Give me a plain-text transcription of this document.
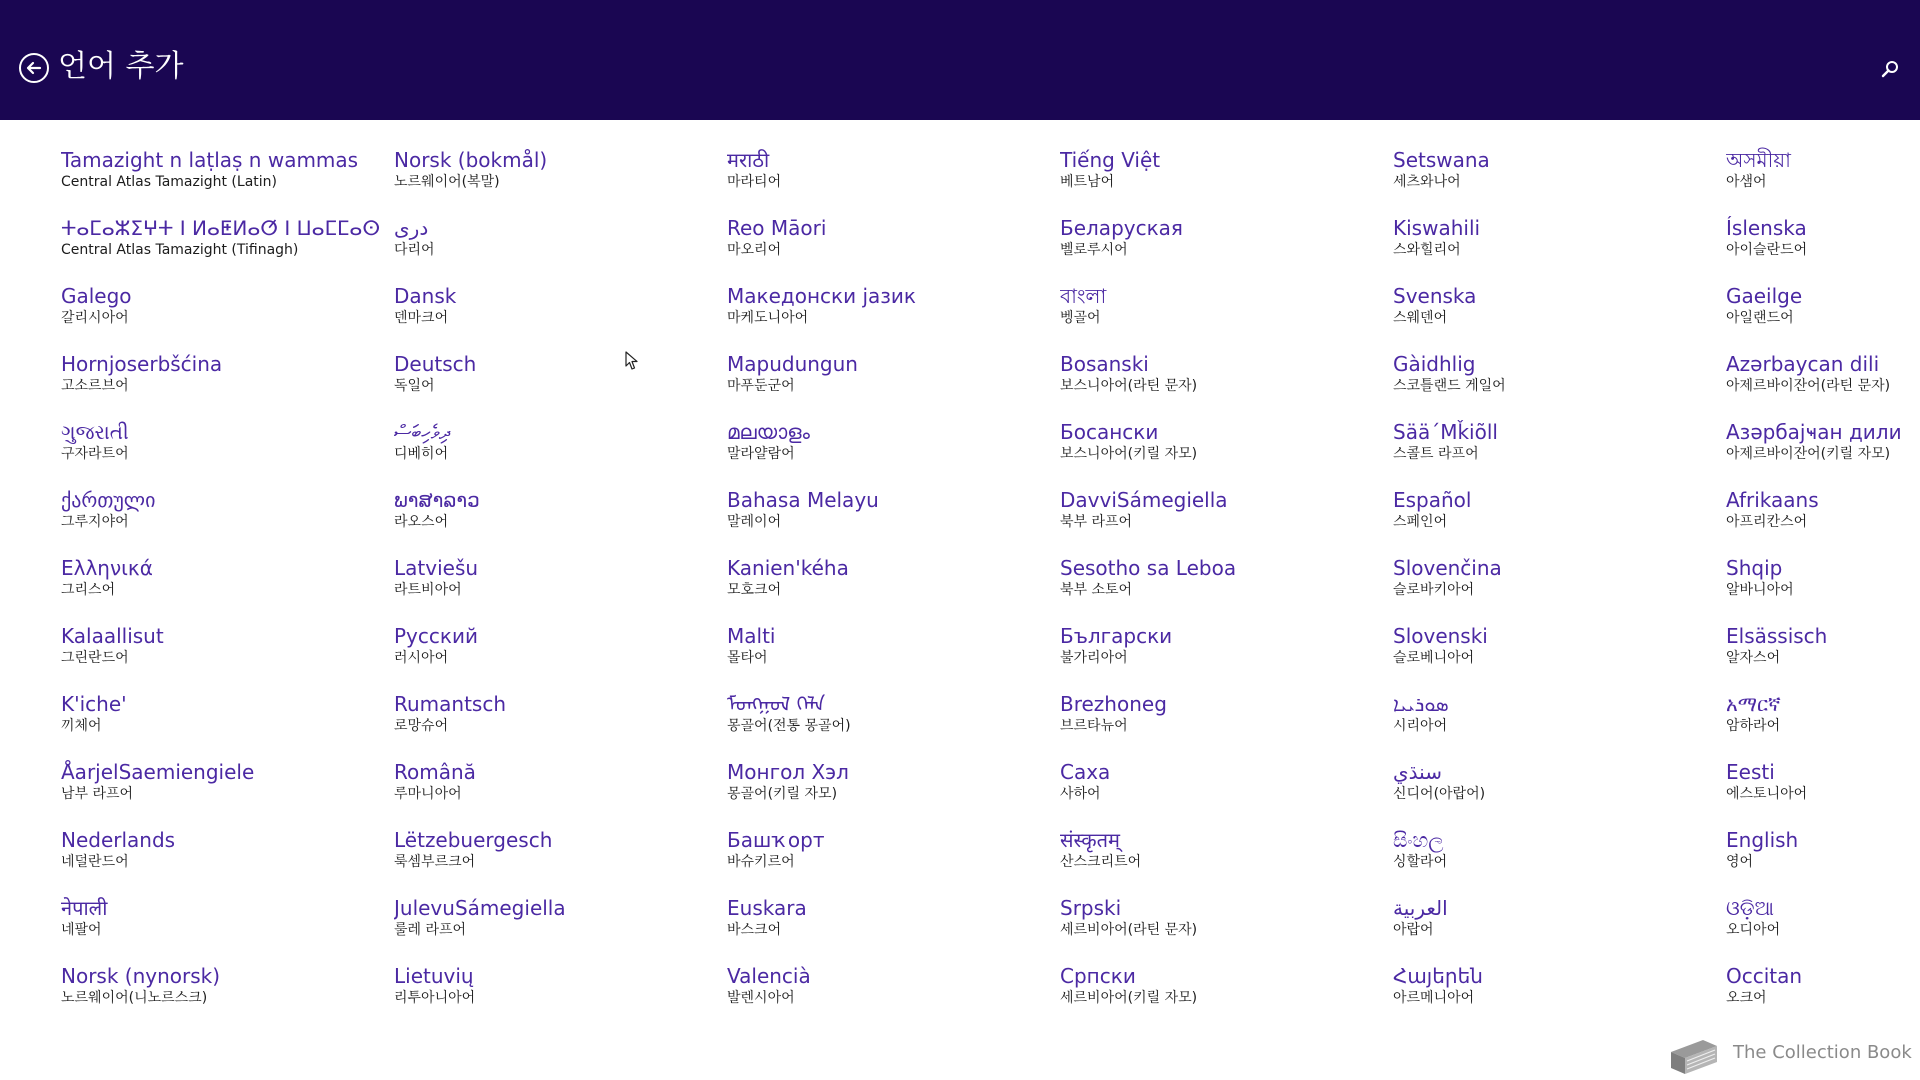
언어 추가
Tamazight n laṭlaṣ n wammas
Central Atlas Tamazight (Latin)
ⵜⴰⵎⴰⵣⵉⵖⵜ ⵏ ⵍⴰⵟⵍⴰⵚ ⵏ ⵡⴰⵎⵎⴰⵙ
Central Atlas Tamazight (Tifinagh)
Galego
갈리시아어
Hornjoserbšćina
고소르브어
ગુજરાતી
구자라트어
ქართული
그루지야어
Ελληνικά
그리스어
Kalaallisut
그린란드어
K'iche'
끼체어
ÅarjelSaemiengiele
남부 라프어
Nederlands
네덜란드어
नेपाली
네팔어
Norsk (nynorsk)
노르웨이어(니노르스크)
Norsk (bokmål)
노르웨이어(복말)
دری
다리어
Dansk
덴마크어
Deutsch
독일어
ދިވެހިބަސް
디베히어
ພາສາລາວ
라오스어
Latviešu
라트비아어
Русский
러시아어
Rumantsch
로망슈어
Română
루마니아어
Lëtzebuergesch
룩셈부르크어
JulevuSámegiella
룰레 라프어
Lietuvių
리투아니아어
मराठी
마라티어
Reo Māori
마오리어
Македонски јазик
마케도니아어
Mapudungun
마푸둔군어
മലയാളം
말라얄람어
Bahasa Melayu
말레이어
Kanien'kéha
모호크어
Malti
몰타어
ᠮᠣᠩᠭᠣᠯ ᠬᠡᠯᠡ
몽골어(전통 몽골어)
Монгол Хэл
몽골어(키릴 자모)
Башҡорт
바슈키르어
Euskara
바스크어
Valencià
발렌시아어
Tiếng Việt
베트남어
Беларуская
벨로루시어
বাংলা
벵골어
Bosanski
보스니아어(라틴 문자)
Босански
보스니아어(키릴 자모)
DavviSámegiella
북부 라프어
Sesotho sa Leboa
북부 소토어
Български
불가리아어
Brezhoneg
브르타뉴어
Саха
사하어
संस्कृतम्
산스크리트어
Srpski
세르비아어(라틴 문자)
Српски
세르비아어(키릴 자모)
Setswana
세츠와나어
Kiswahili
스와힐리어
Svenska
스웨덴어
Gàidhlig
스코틀랜드 게일어
Sää´Mǩiõll
스콜트 라프어
Español
스페인어
Slovenčina
슬로바키아어
Slovenski
슬로베니아어
ܣܘܪܝܝܐ
시리아어
سنڌي
신디어(아랍어)
සිංහල
싱할라어
العربية
아랍어
Հայերեն
아르메니아어
অসমীয়া
아샘어
Íslenska
아이슬란드어
Gaeilge
아일랜드어
Azərbaycan dili
아제르바이잔어(라틴 문자)
Азәрбајҹан дили
아제르바이잔어(키릴 자모)
Afrikaans
아프리칸스어
Shqip
알바니아어
Elsässisch
알자스어
አማርኛ
암하라어
Eesti
에스토니아어
English
영어
ଓଡ଼ିଆ
오디아어
Occitan
오크어
The Collection Book
